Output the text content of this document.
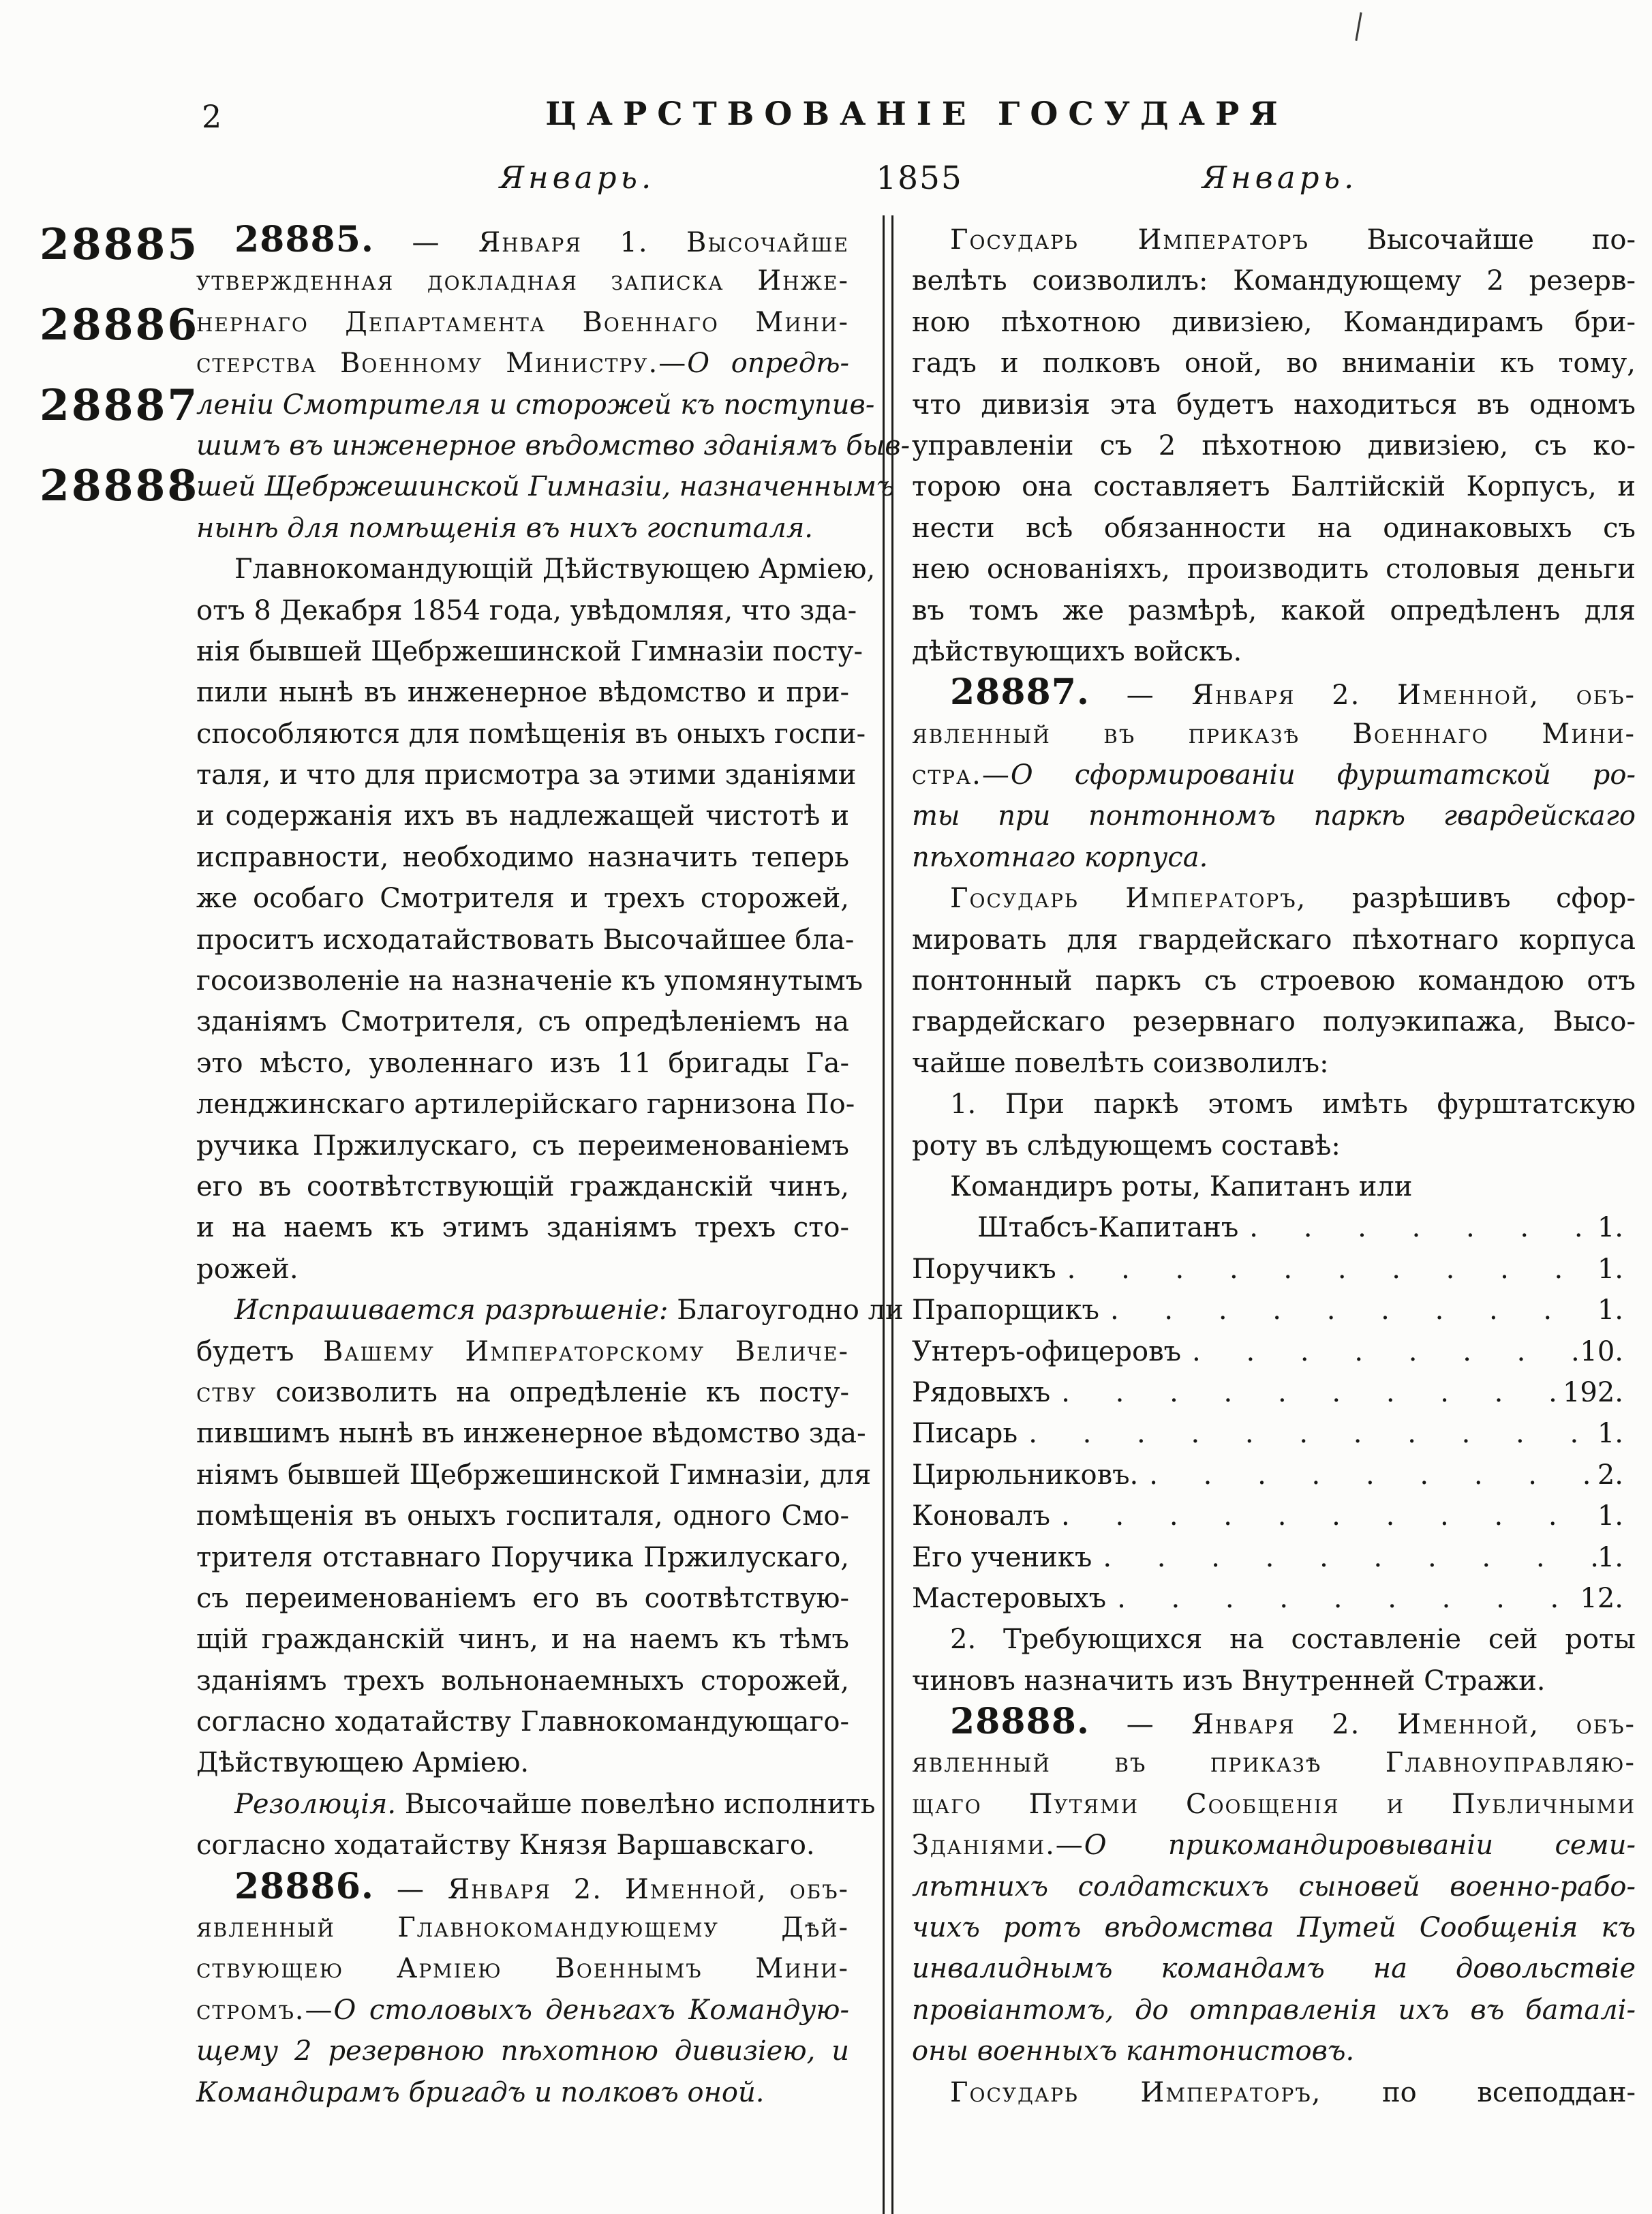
2	ЦАРСТВОВАНІЕ ГОСУДАРЯ
Январь.	1855	Январь.
28885
28886
28887
28888
28885. — Января 1. Высочайше
утвержденная докладная записка Инже-
нернаго Департамента Военнаго Мини-
стерства Военному Министру.—О опредѣ-
леніи Смотрителя и сторожей къ поступив-
шимъ въ инженерное вѣдомство зданіямъ быв-
шей Щебржешинской Гимназіи, назначеннымъ
нынѣ для помѣщенія въ нихъ госпиталя.
Главнокомандующій Дѣйствующею Арміею,
отъ 8 Декабря 1854 года, увѣдомляя, что зда-
нія бывшей Щебржешинской Гимназіи посту-
пили нынѣ въ инженерное вѣдомство и при-
способляются для помѣщенія въ оныхъ госпи-
таля, и что для присмотра за этими зданіями
и содержанія ихъ въ надлежащей чистотѣ и
исправности, необходимо назначить теперь
же особаго Смотрителя и трехъ сторожей,
проситъ исходатайствовать Высочайшее бла-
госоизволеніе на назначеніе къ упомянутымъ
зданіямъ Смотрителя, съ опредѣленіемъ на
это мѣсто, уволеннаго изъ 11 бригады Га-
ленджинскаго артилерійскаго гарнизона По-
ручика Пржилускаго, съ переименованіемъ
его въ соотвѣтствующій гражданскій чинъ,
и на наемъ къ этимъ зданіямъ трехъ сто-
рожей.
Испрашивается разрѣшеніе: Благоугодно ли
будетъ Вашему Императорскому Величе-
ству соизволить на опредѣленіе къ посту-
пившимъ нынѣ въ инженерное вѣдомство зда-
ніямъ бывшей Щебржешинской Гимназіи, для
помѣщенія въ оныхъ госпиталя, одного Смо-
трителя отставнаго Поручика Пржилускаго,
съ переименованіемъ его въ соотвѣтствую-
щій гражданскій чинъ, и на наемъ къ тѣмъ
зданіямъ трехъ вольнонаемныхъ сторожей,
согласно ходатайству Главнокомандующаго-
Дѣйствующею Арміею.
Резолюція. Высочайше повелѣно исполнить
согласно ходатайству Князя Варшавскаго.
28886. — Января 2. Именной, объ-
явленный Главнокомандующему Дѣй-
ствующею Арміею Военнымъ Мини-
стромъ.—О столовыхъ деньгахъ Командую-
щему 2 резервною пѣхотною дивизіею, и
Командирамъ бригадъ и полковъ оной.
Государь Императоръ Высочайше по-
велѣть соизволилъ: Командующему 2 резерв-
ною пѣхотною дивизіею, Командирамъ бри-
гадъ и полковъ оной, во вниманіи къ тому,
что дивизія эта будетъ находиться въ одномъ
управленіи съ 2 пѣхотною дивизіею, съ ко-
торою она составляетъ Балтійскій Корпусъ, и
нести всѣ обязанности на одинаковыхъ съ
нею основаніяхъ, производить столовыя деньги
въ томъ же размѣрѣ, какой опредѣленъ для
дѣйствующихъ войскъ.
28887. — Января 2. Именной, объ-
явленный въ приказѣ Военнаго Мини-
стра.—О сформированіи фурштатской ро-
ты при понтонномъ паркѣ гвардейскаго
пѣхотнаго корпуса.
Государь Императоръ, разрѣшивъ сфор-
мировать для гвардейскаго пѣхотнаго корпуса
понтонный паркъ съ строевою командою отъ
гвардейскаго резервнаго полуэкипажа, Высо-
чайше повелѣть соизволилъ:
1. При паркѣ этомъ имѣть фурштатскую
роту въ слѣдующемъ составѣ:
Командиръ роты, Капитанъ или
Штабсъ-Капитанъ . . .	1.
Поручикъ . . .	1.
Прапорщикъ . . .	1.
Унтеръ-офицеровъ . . .	10.
Рядовыхъ . . .	192.
Писарь . . .	1.
Цирюльниковъ. . . .	2.
Коновалъ . . .	1.
Его ученикъ . . .	1.
Мастеровыхъ . . .	12.
2. Требующихся на составленіе сей роты
чиновъ назначить изъ Внутренней Стражи.
28888. — Января 2. Именной, объ-
явленный въ приказѣ Главноуправляю-
щаго Путями Сообщенія и Публичными
Зданіями.—О прикомандировываніи семи-
лѣтнихъ солдатскихъ сыновей военно-рабо-
чихъ ротъ вѣдомства Путей Сообщенія къ
инвалиднымъ командамъ на довольствіе
провіантомъ, до отправленія ихъ въ баталі-
оны военныхъ кантонистовъ.
Государь Императоръ, по всеподдан-
